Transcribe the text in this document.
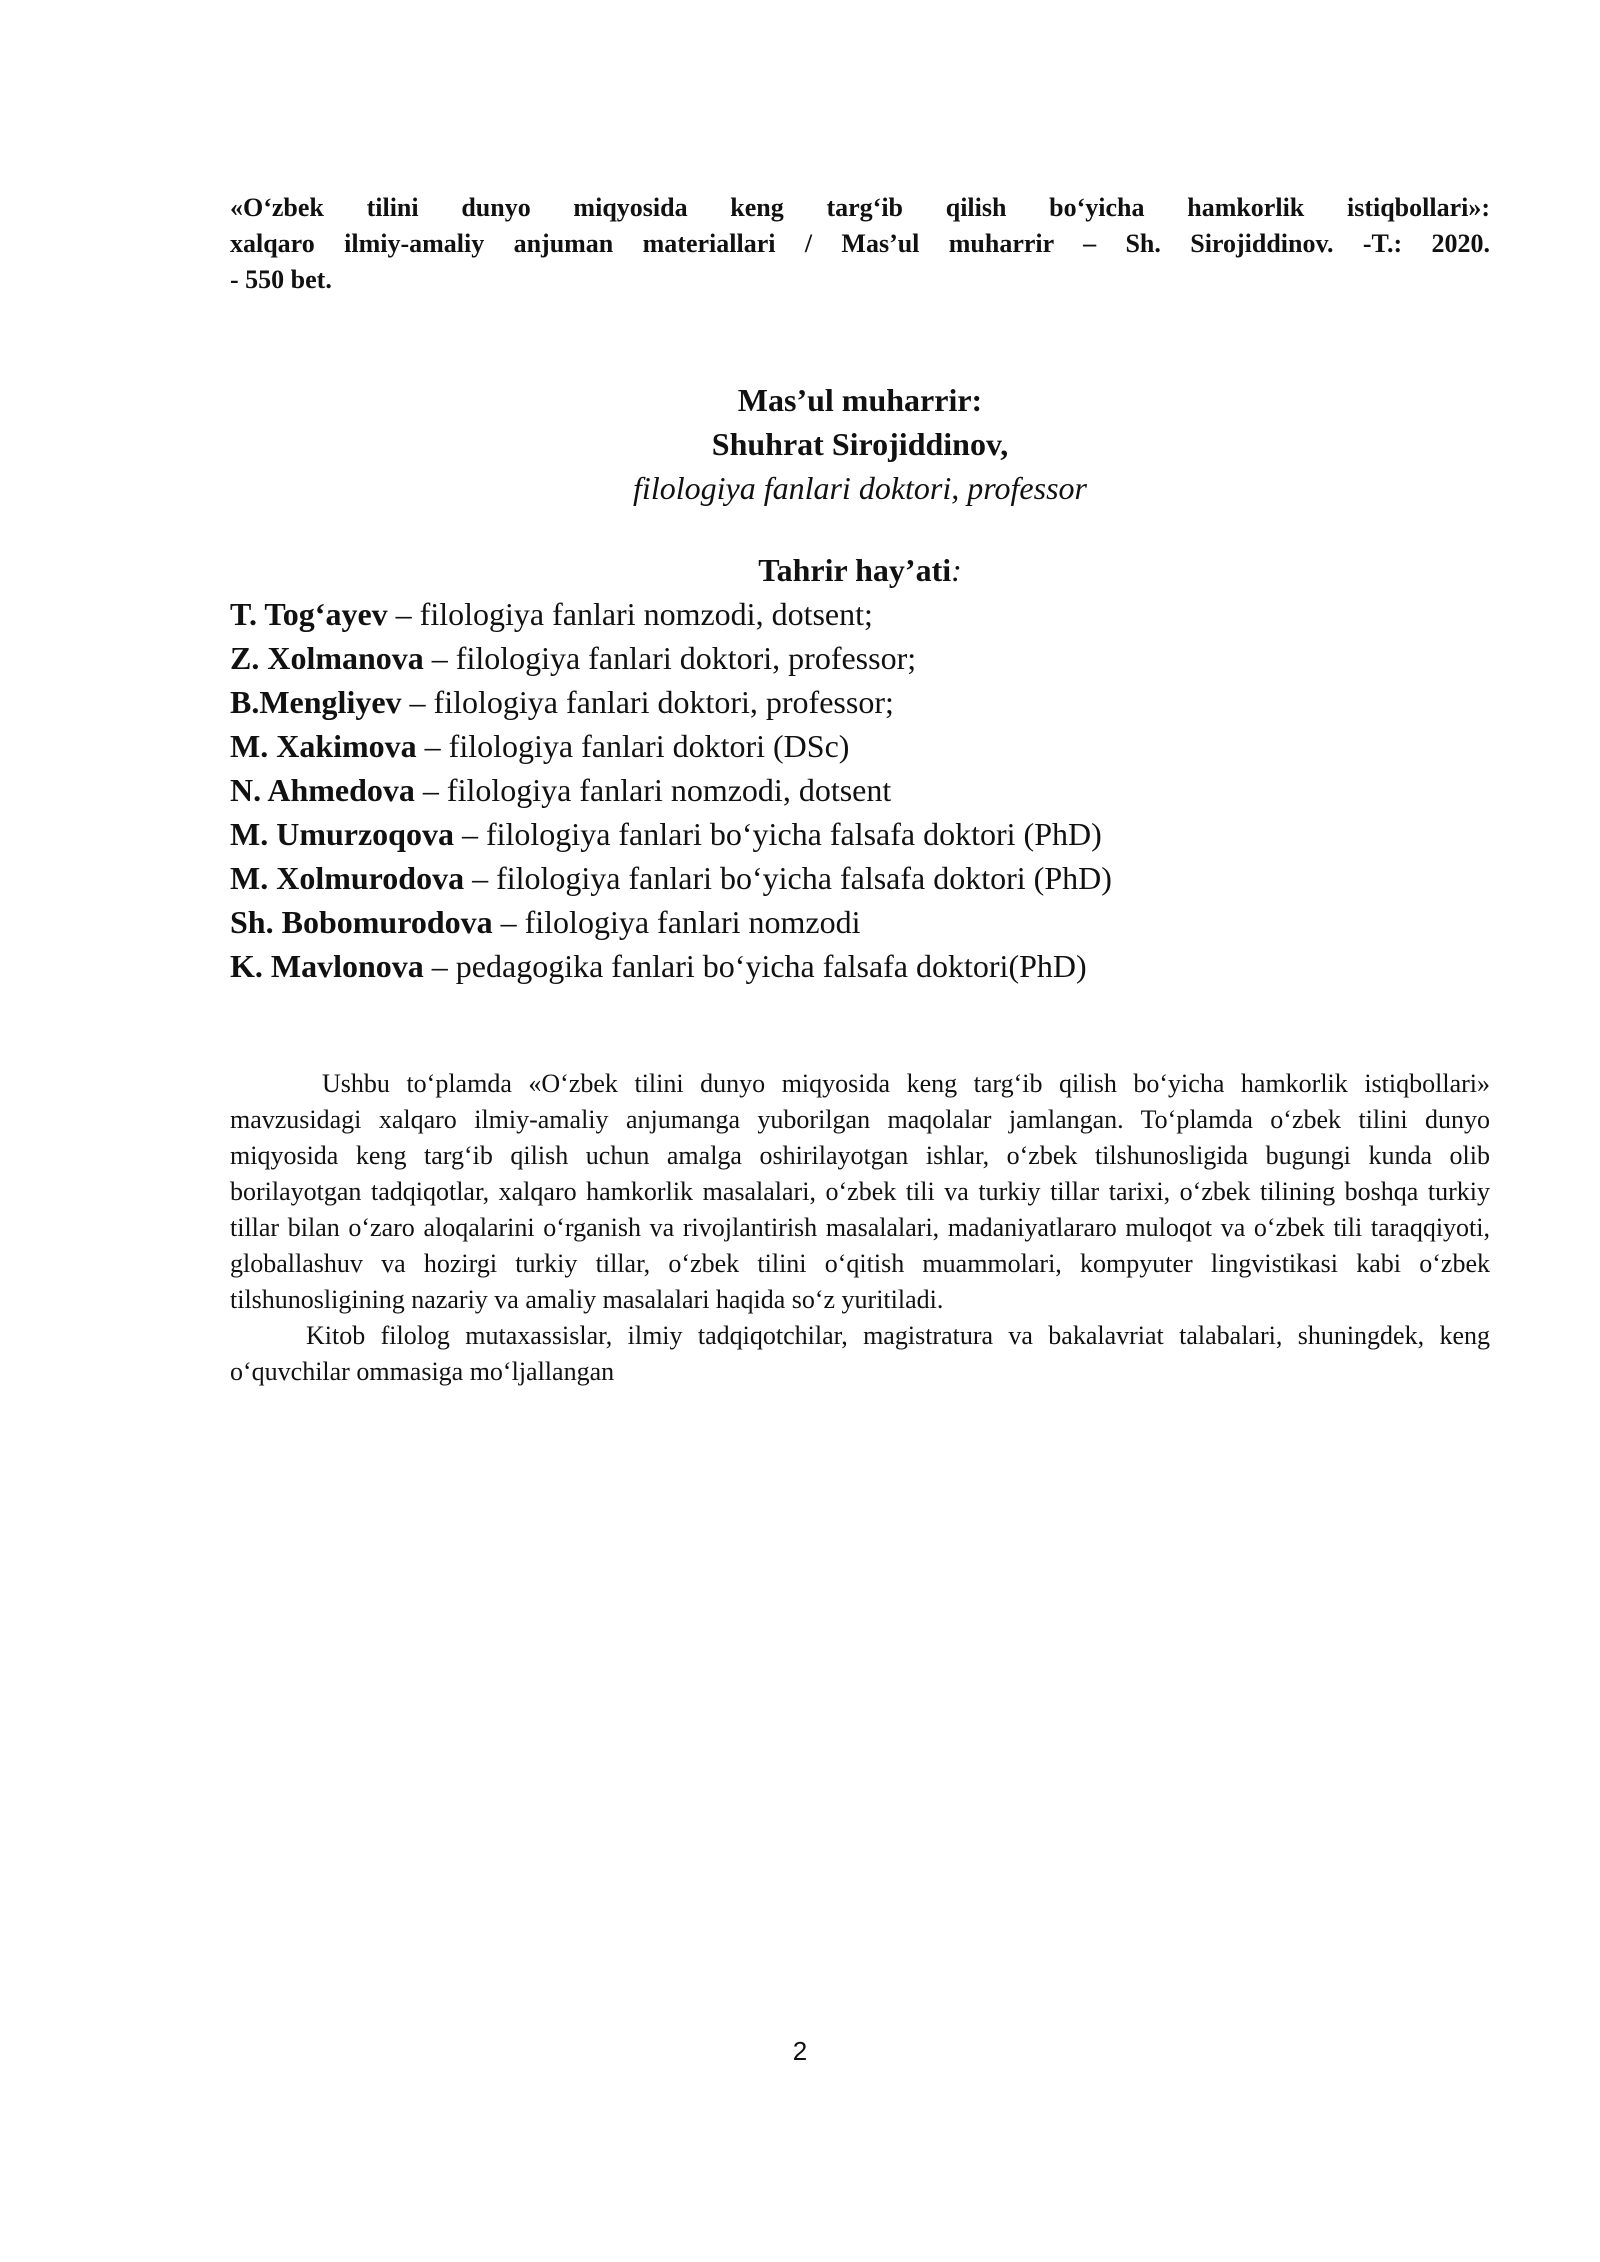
«O‘zbek tilini dunyo miqyosida keng targ‘ib qilish bo‘yicha hamkorlik istiqbollari»:
xalqaro ilmiy-amaliy anjuman materiallari / Mas’ul muharrir – Sh. Sirojiddinov. -T.: 2020.
- 550 bet.
Mas’ul muharrir:
Shuhrat Sirojiddinov,
filologiya fanlari doktori, professor
Tahrir hay’ati:
T. Tog‘ayev – filologiya fanlari nomzodi, dotsent;
Z. Xolmanova – filologiya fanlari doktori, professor;
B.Mengliyev – filologiya fanlari doktori, professor;
M. Xakimova – filologiya fanlari doktori (DSc)
N. Ahmedova – filologiya fanlari nomzodi, dotsent
M. Umurzoqova – filologiya fanlari bo‘yicha falsafa doktori (PhD)
M. Xolmurodova – filologiya fanlari bo‘yicha falsafa doktori (PhD)
Sh. Bobomurodova – filologiya fanlari nomzodi
K. Mavlonova – pedagogika fanlari bo‘yicha falsafa doktori(PhD)

Ushbu to‘plamda «O‘zbek tilini dunyo miqyosida keng targ‘ib qilish bo‘yicha hamkorlik istiqbollari» mavzusidagi xalqaro ilmiy-amaliy anjumanga yuborilgan maqolalar jamlangan. To‘plamda o‘zbek tilini dunyo miqyosida keng targ‘ib qilish uchun amalga oshirilayotgan ishlar, o‘zbek tilshunosligida bugungi kunda olib borilayotgan tadqiqotlar, xalqaro hamkorlik masalalari, o‘zbek tili va turkiy tillar tarixi, o‘zbek tilining boshqa turkiy tillar bilan o‘zaro aloqalarini o‘rganish va rivojlantirish masalalari, madaniyatlararo muloqot va o‘zbek tili taraqqiyoti, globallashuv va hozirgi turkiy tillar, o‘zbek tilini o‘qitish muammolari, kompyuter lingvistikasi kabi o‘zbek tilshunosligining nazariy va amaliy masalalari haqida so‘z yuritiladi.

Kitob filolog mutaxassislar, ilmiy tadqiqotchilar, magistratura va bakalavriat talabalari, shuningdek, keng o‘quvchilar ommasiga mo‘ljallangan

2
